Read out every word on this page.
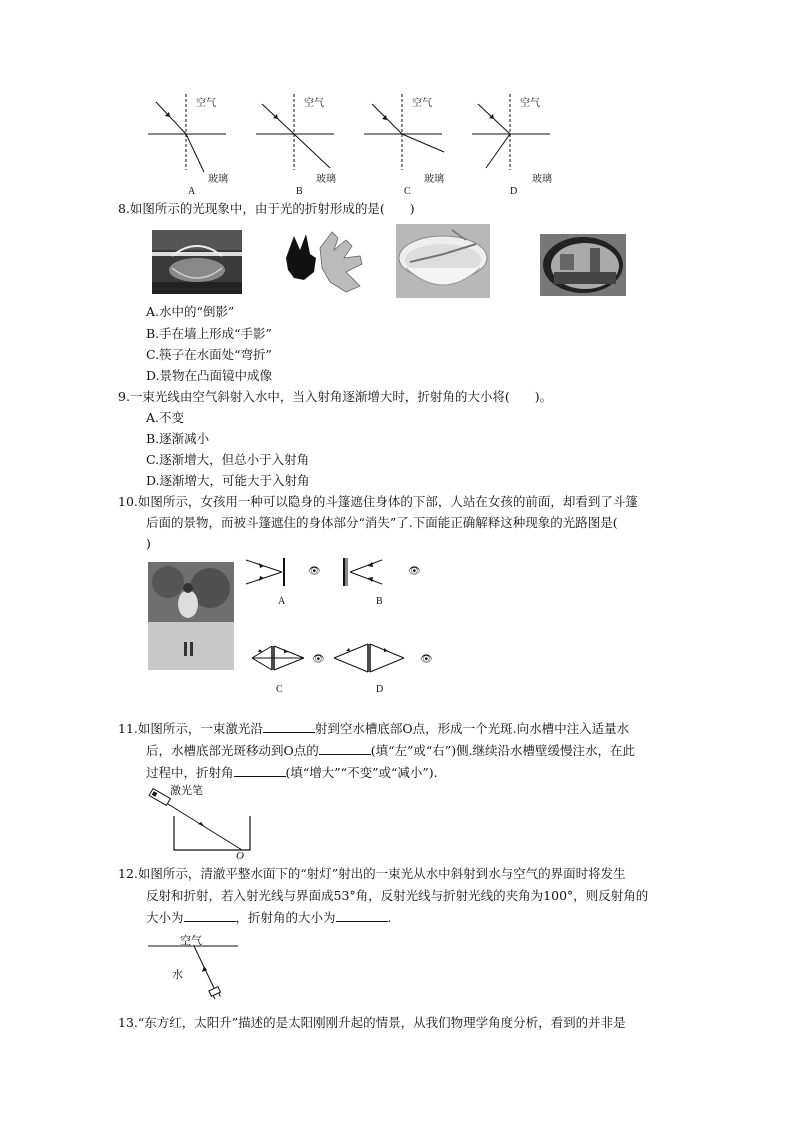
空气
玻璃
A
空气
玻璃
B
空气
玻璃
C
空气
玻璃
D
8.如图所示的光现象中，由于光的折射形成的是(　　)
A.水中的“倒影”
B.手在墙上形成“手影”
C.筷子在水面处“弯折”
D.景物在凸面镜中成像
9.一束光线由空气斜射入水中，当入射角逐渐增大时，折射角的大小将(　　)。
A.不变
B.逐渐减小
C.逐渐增大，但总小于入射角
D.逐渐增大，可能大于入射角
10.如图所示，女孩用一种可以隐身的斗篷遮住身体的下部，人站在女孩的前面，却看到了斗篷
后面的景物，而被斗篷遮住的身体部分“消失”了.下面能正确解释这种现象的光路图是(
)
👁
A
👁
B
👁
C
👁
D
11.如图所示，一束激光沿	射到空水槽底部O点，形成一个光斑.向水槽中注入适量水
后，水槽底部光斑移动到O点的	(填“左”或“右”)侧.继续沿水槽壁缓慢注水，在此
过程中，折射角	(填“增大”“不变”或“减小”).
激光笔
O
12.如图所示，清澈平整水面下的“射灯”射出的一束光从水中斜射到水与空气的界面时将发生
反射和折射，若入射光线与界面成53°角，反射光线与折射光线的夹角为100°，则反射角的
大小为	，折射角的大小为	.
空气
水
13.“东方红，太阳升”描述的是太阳刚刚升起的情景，从我们物理学角度分析，看到的并非是
